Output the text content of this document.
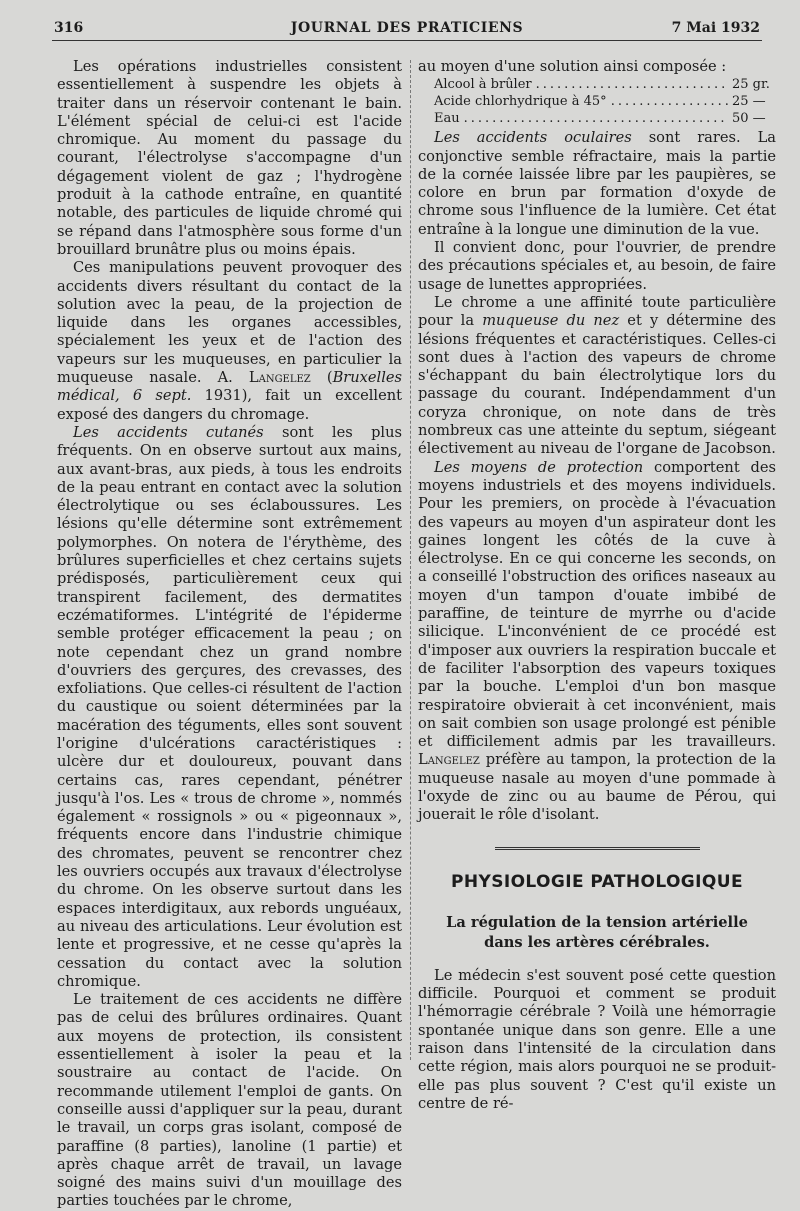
316	JOURNAL DES PRATICIENS	7 Mai 1932

Les opérations industrielles consistent essentiellement à suspendre les objets à traiter dans un réservoir contenant le bain. L'élément spécial de celui-ci est l'acide chromique. Au moment du passage du courant, l'électrolyse s'accompagne d'un dégagement violent de gaz ; l'hydrogène produit à la cathode entraîne, en quantité notable, des particules de liquide chromé qui se répand dans l'atmosphère sous forme d'un brouillard brunâtre plus ou moins épais.

Ces manipulations peuvent provoquer des accidents divers résultant du contact de la solution avec la peau, de la projection de liquide dans les organes accessibles, spécialement les yeux et de l'action des vapeurs sur les muqueuses, en particulier la muqueuse nasale. A. Langelez (Bruxelles médical, 6 sept. 1931), fait un excellent exposé des dangers du chromage.

Les accidents cutanés sont les plus fréquents. On en observe surtout aux mains, aux avant-bras, aux pieds, à tous les endroits de la peau entrant en contact avec la solution électrolytique ou ses éclaboussures. Les lésions qu'elle détermine sont extrêmement polymorphes. On notera de l'érythème, des brûlures superficielles et chez certains sujets prédisposés, particulièrement ceux qui transpirent facilement, des dermatites eczématiformes. L'intégrité de l'épiderme semble protéger efficacement la peau ; on note cependant chez un grand nombre d'ouvriers des gerçures, des crevasses, des exfoliations. Que celles-ci résultent de l'action du caustique ou soient déterminées par la macération des téguments, elles sont souvent l'origine d'ulcérations caractéristiques : ulcère dur et douloureux, pouvant dans certains cas, rares cependant, pénétrer jusqu'à l'os. Les « trous de chrome », nommés également « rossignols » ou « pigeonnaux », fréquents encore dans l'industrie chimique des chromates, peuvent se rencontrer chez les ouvriers occupés aux travaux d'électrolyse du chrome. On les observe surtout dans les espaces interdigitaux, aux rebords unguéaux, au niveau des articulations. Leur évolution est lente et progressive, et ne cesse qu'après la cessation du contact avec la solution chromique.

Le traitement de ces accidents ne diffère pas de celui des brûlures ordinaires. Quant aux moyens de protection, ils consistent essentiellement à isoler la peau et la soustraire au contact de l'acide. On recommande utilement l'emploi de gants. On conseille aussi d'appliquer sur la peau, durant le travail, un corps gras isolant, composé de paraffine (8 parties), lanoline (1 partie) et après chaque arrêt de travail, un lavage soigné des mains suivi d'un mouillage des parties touchées par le chrome,

au moyen d'une solution ainsi composée :

Alcool à brûler .....	25 gr.
Acide chlorhydrique à 45° .....	25 —
Eau .....	50 —

Les accidents oculaires sont rares. La conjonctive semble réfractaire, mais la partie de la cornée laissée libre par les paupières, se colore en brun par formation d'oxyde de chrome sous l'influence de la lumière. Cet état entraîne à la longue une diminution de la vue.

Il convient donc, pour l'ouvrier, de prendre des précautions spéciales et, au besoin, de faire usage de lunettes appropriées.

Le chrome a une affinité toute particulière pour la muqueuse du nez et y détermine des lésions fréquentes et caractéristiques. Celles-ci sont dues à l'action des vapeurs de chrome s'échappant du bain électrolytique lors du passage du courant. Indépendamment d'un coryza chronique, on note dans de très nombreux cas une atteinte du septum, siégeant électivement au niveau de l'organe de Jacobson.

Les moyens de protection comportent des moyens industriels et des moyens individuels. Pour les premiers, on procède à l'évacuation des vapeurs au moyen d'un aspirateur dont les gaines longent les côtés de la cuve à électrolyse. En ce qui concerne les seconds, on a conseillé l'obstruction des orifices naseaux au moyen d'un tampon d'ouate imbibé de paraffine, de teinture de myrrhe ou d'acide silicique. L'inconvénient de ce procédé est d'imposer aux ouvriers la respiration buccale et de faciliter l'absorption des vapeurs toxiques par la bouche. L'emploi d'un bon masque respiratoire obvierait à cet inconvénient, mais on sait combien son usage prolongé est pénible et difficilement admis par les travailleurs. Langelez préfère au tampon, la protection de la muqueuse nasale au moyen d'une pommade à l'oxyde de zinc ou au baume de Pérou, qui jouerait le rôle d'isolant.

PHYSIOLOGIE PATHOLOGIQUE
La régulation de la tension artérielle
dans les artères cérébrales.

Le médecin s'est souvent posé cette question difficile. Pourquoi et comment se produit l'hémorragie cérébrale ? Voilà une hémorragie spontanée unique dans son genre. Elle a une raison dans l'intensité de la circulation dans cette région, mais alors pourquoi ne se produit-elle pas plus souvent ? C'est qu'il existe un centre de ré-
